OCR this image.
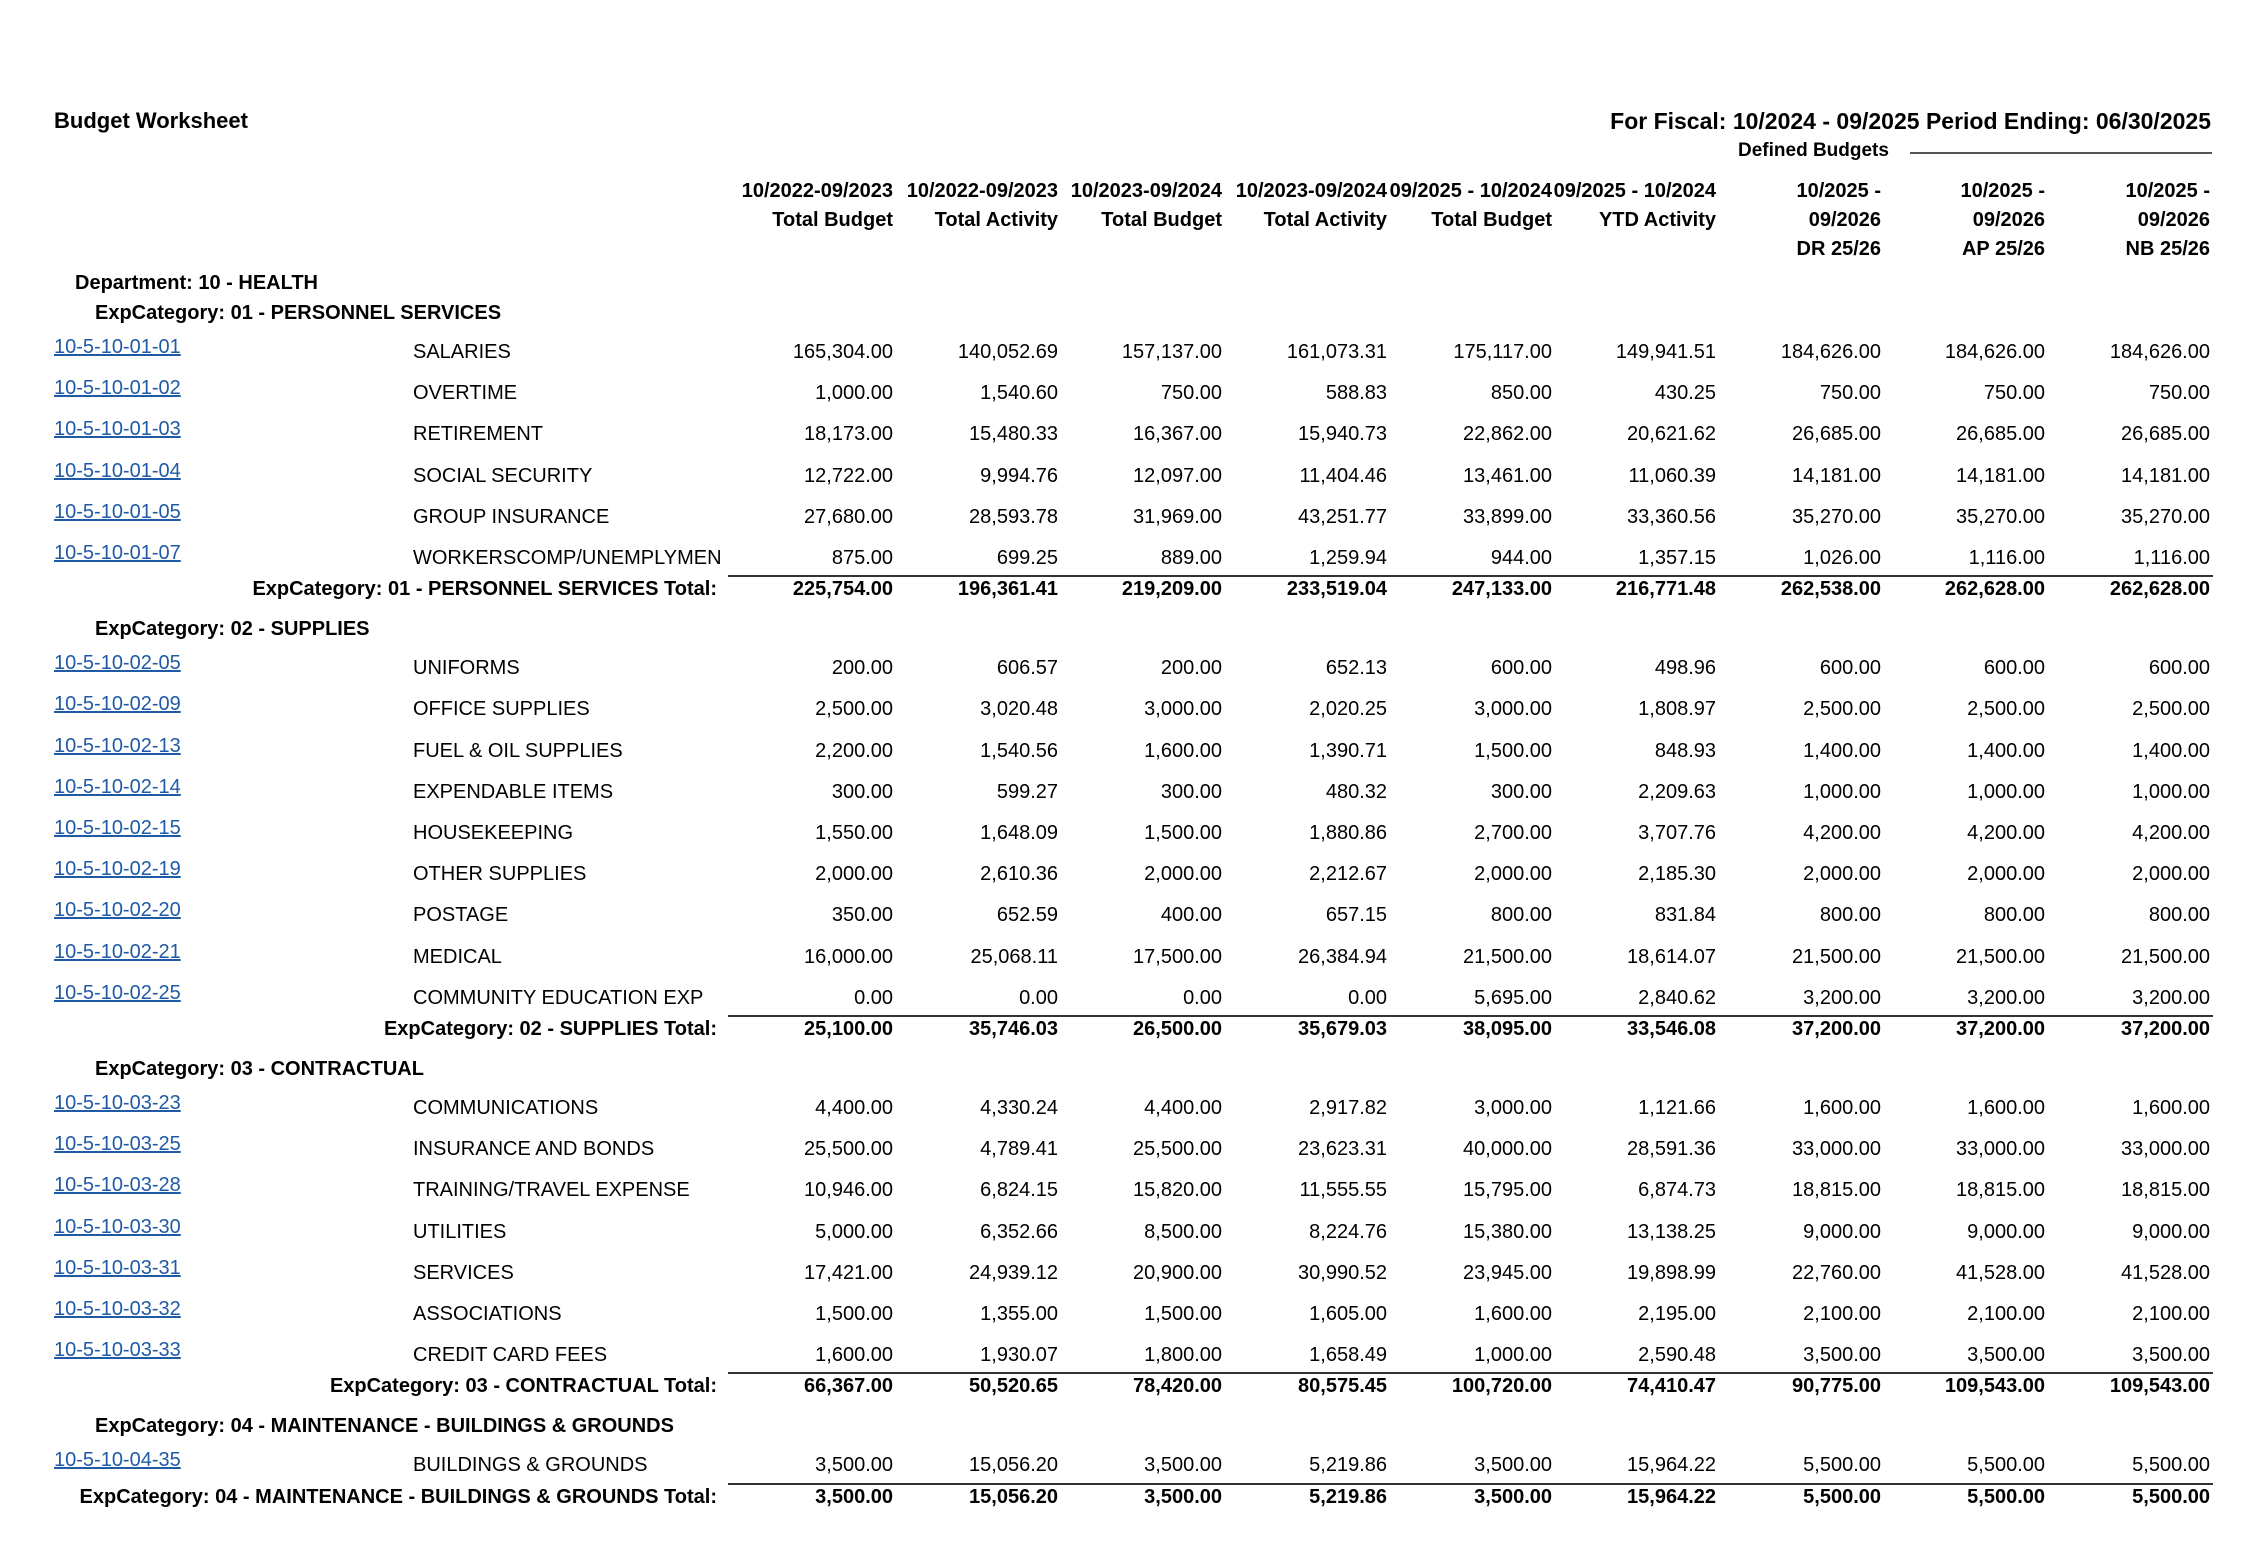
Budget Worksheet	For Fiscal: 10/2024 - 09/2025 Period Ending: 06/30/2025
Defined Budgets
10/2022-09/2023
Total Budget
10/2022-09/2023
Total Activity
10/2023-09/2024
Total Budget
10/2023-09/2024
Total Activity
10/2024 - 09/2025
Total Budget
10/2024 - 09/2025
YTD Activity
10/2025 -
09/2026
DR 25/26
10/2025 -
09/2026
AP 25/26
10/2025 -
09/2026
NB 25/26
Department: 10 - HEALTH
ExpCategory: 01 - PERSONNEL SERVICES
10-5-10-01-01	SALARIES	165,304.00	140,052.69	157,137.00	161,073.31	175,117.00	149,941.51	184,626.00	184,626.00	184,626.00
10-5-10-01-02	OVERTIME	1,000.00	1,540.60	750.00	588.83	850.00	430.25	750.00	750.00	750.00
10-5-10-01-03	RETIREMENT	18,173.00	15,480.33	16,367.00	15,940.73	22,862.00	20,621.62	26,685.00	26,685.00	26,685.00
10-5-10-01-04	SOCIAL SECURITY	12,722.00	9,994.76	12,097.00	11,404.46	13,461.00	11,060.39	14,181.00	14,181.00	14,181.00
10-5-10-01-05	GROUP INSURANCE	27,680.00	28,593.78	31,969.00	43,251.77	33,899.00	33,360.56	35,270.00	35,270.00	35,270.00
10-5-10-01-07	WORKERSCOMP/UNEMPLYMEN	875.00	699.25	889.00	1,259.94	944.00	1,357.15	1,026.00	1,116.00	1,116.00
ExpCategory: 01 - PERSONNEL SERVICES Total:	225,754.00	196,361.41	219,209.00	233,519.04	247,133.00	216,771.48	262,538.00	262,628.00	262,628.00
ExpCategory: 02 - SUPPLIES
10-5-10-02-05	UNIFORMS	200.00	606.57	200.00	652.13	600.00	498.96	600.00	600.00	600.00
10-5-10-02-09	OFFICE SUPPLIES	2,500.00	3,020.48	3,000.00	2,020.25	3,000.00	1,808.97	2,500.00	2,500.00	2,500.00
10-5-10-02-13	FUEL & OIL SUPPLIES	2,200.00	1,540.56	1,600.00	1,390.71	1,500.00	848.93	1,400.00	1,400.00	1,400.00
10-5-10-02-14	EXPENDABLE ITEMS	300.00	599.27	300.00	480.32	300.00	2,209.63	1,000.00	1,000.00	1,000.00
10-5-10-02-15	HOUSEKEEPING	1,550.00	1,648.09	1,500.00	1,880.86	2,700.00	3,707.76	4,200.00	4,200.00	4,200.00
10-5-10-02-19	OTHER SUPPLIES	2,000.00	2,610.36	2,000.00	2,212.67	2,000.00	2,185.30	2,000.00	2,000.00	2,000.00
10-5-10-02-20	POSTAGE	350.00	652.59	400.00	657.15	800.00	831.84	800.00	800.00	800.00
10-5-10-02-21	MEDICAL	16,000.00	25,068.11	17,500.00	26,384.94	21,500.00	18,614.07	21,500.00	21,500.00	21,500.00
10-5-10-02-25	COMMUNITY EDUCATION EXP	0.00	0.00	0.00	0.00	5,695.00	2,840.62	3,200.00	3,200.00	3,200.00
ExpCategory: 02 - SUPPLIES Total:	25,100.00	35,746.03	26,500.00	35,679.03	38,095.00	33,546.08	37,200.00	37,200.00	37,200.00
ExpCategory: 03 - CONTRACTUAL
10-5-10-03-23	COMMUNICATIONS	4,400.00	4,330.24	4,400.00	2,917.82	3,000.00	1,121.66	1,600.00	1,600.00	1,600.00
10-5-10-03-25	INSURANCE AND BONDS	25,500.00	4,789.41	25,500.00	23,623.31	40,000.00	28,591.36	33,000.00	33,000.00	33,000.00
10-5-10-03-28	TRAINING/TRAVEL EXPENSE	10,946.00	6,824.15	15,820.00	11,555.55	15,795.00	6,874.73	18,815.00	18,815.00	18,815.00
10-5-10-03-30	UTILITIES	5,000.00	6,352.66	8,500.00	8,224.76	15,380.00	13,138.25	9,000.00	9,000.00	9,000.00
10-5-10-03-31	SERVICES	17,421.00	24,939.12	20,900.00	30,990.52	23,945.00	19,898.99	22,760.00	41,528.00	41,528.00
10-5-10-03-32	ASSOCIATIONS	1,500.00	1,355.00	1,500.00	1,605.00	1,600.00	2,195.00	2,100.00	2,100.00	2,100.00
10-5-10-03-33	CREDIT CARD FEES	1,600.00	1,930.07	1,800.00	1,658.49	1,000.00	2,590.48	3,500.00	3,500.00	3,500.00
ExpCategory: 03 - CONTRACTUAL Total:	66,367.00	50,520.65	78,420.00	80,575.45	100,720.00	74,410.47	90,775.00	109,543.00	109,543.00
ExpCategory: 04 - MAINTENANCE - BUILDINGS & GROUNDS
10-5-10-04-35	BUILDINGS & GROUNDS	3,500.00	15,056.20	3,500.00	5,219.86	3,500.00	15,964.22	5,500.00	5,500.00	5,500.00
ExpCategory: 04 - MAINTENANCE - BUILDINGS & GROUNDS Total:	3,500.00	15,056.20	3,500.00	5,219.86	3,500.00	15,964.22	5,500.00	5,500.00	5,500.00
